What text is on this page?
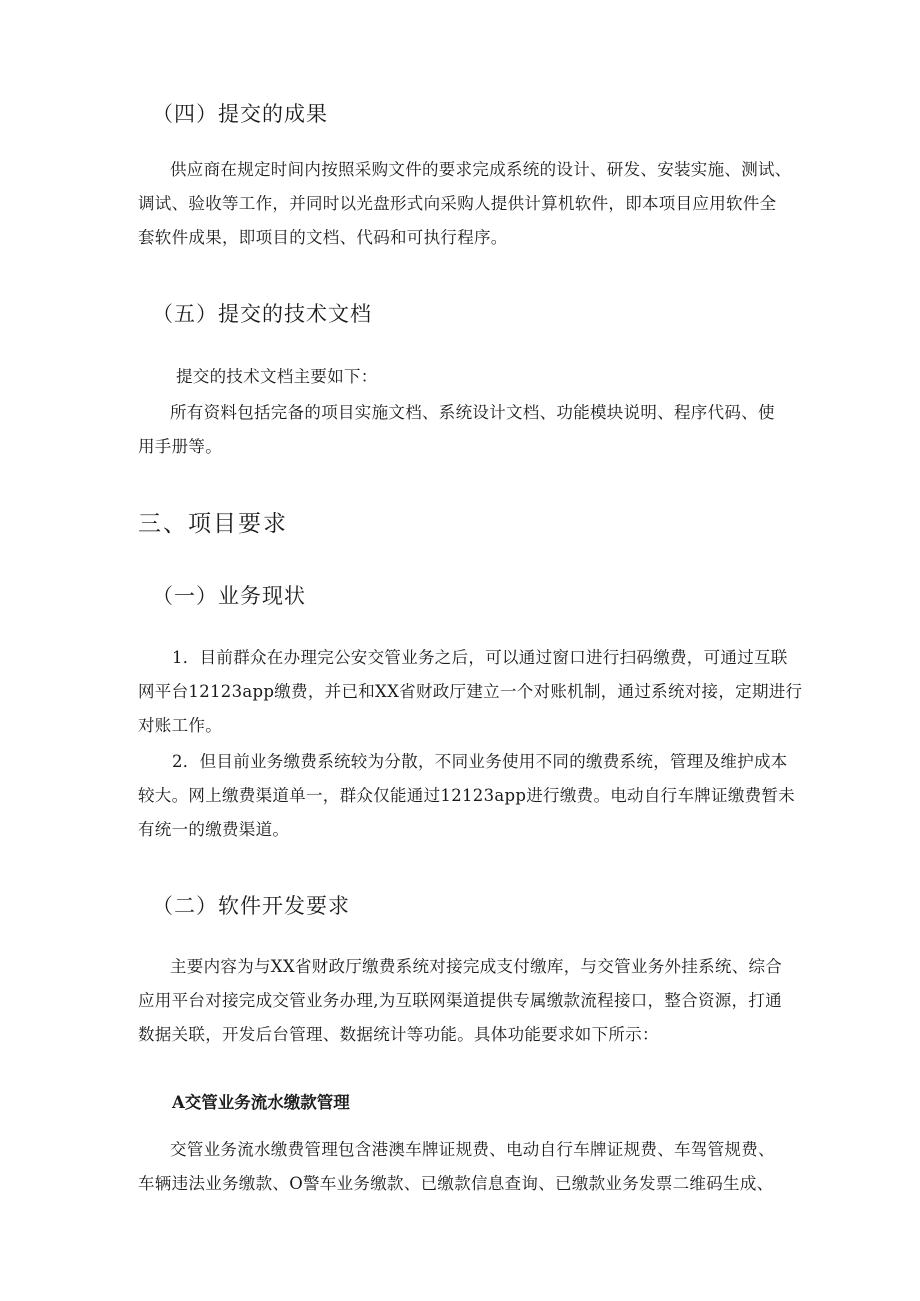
（四）提交的成果

供应商在规定时间内按照采购文件的要求完成系统的设计、研发、安装实施、测试、
调试、验收等工作，并同时以光盘形式向采购人提供计算机软件，即本项目应用软件全
套软件成果，即项目的文档、代码和可执行程序。

（五）提交的技术文档

提交的技术文档主要如下：
所有资料包括完备的项目实施文档、系统设计文档、功能模块说明、程序代码、使
用手册等。

三、项目要求

（一）业务现状

1．目前群众在办理完公安交管业务之后，可以通过窗口进行扫码缴费，可通过互联
网平台12123app缴费，并已和XX省财政厅建立一个对账机制，通过系统对接，定期进行
对账工作。
2．但目前业务缴费系统较为分散，不同业务使用不同的缴费系统，管理及维护成本
较大。网上缴费渠道单一，群众仅能通过12123app进行缴费。电动自行车牌证缴费暂未
有统一的缴费渠道。

（二）软件开发要求

主要内容为与XX省财政厅缴费系统对接完成支付缴库，与交管业务外挂系统、综合
应用平台对接完成交管业务办理,为互联网渠道提供专属缴款流程接口，整合资源，打通
数据关联，开发后台管理、数据统计等功能。具体功能要求如下所示：
A交管业务流水缴款管理
交管业务流水缴费管理包含港澳车牌证规费、电动自行车牌证规费、车驾管规费、
车辆违法业务缴款、O警车业务缴款、已缴款信息查询、已缴款业务发票二维码生成、
